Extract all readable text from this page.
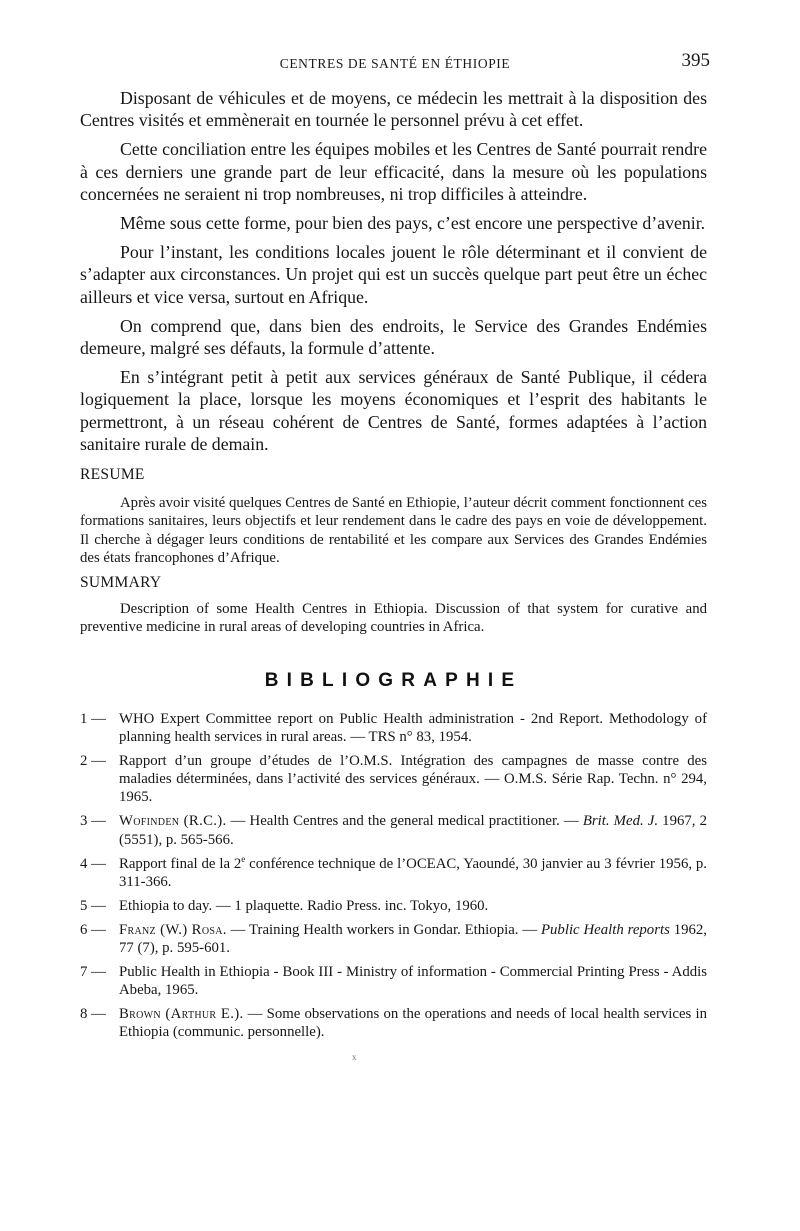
CENTRES DE SANTÉ EN ÉTHIOPIE	395

Disposant de véhicules et de moyens, ce médecin les mettrait à la disposition des Centres visités et emmènerait en tournée le personnel prévu à cet effet.

Cette conciliation entre les équipes mobiles et les Centres de Santé pourrait rendre à ces derniers une grande part de leur efficacité, dans la mesure où les populations concernées ne seraient ni trop nombreuses, ni trop difficiles à atteindre.

Même sous cette forme, pour bien des pays, c’est encore une perspective d’avenir.

Pour l’instant, les conditions locales jouent le rôle déterminant et il convient de s’adapter aux circonstances. Un projet qui est un succès quelque part peut être un échec ailleurs et vice versa, surtout en Afrique.

On comprend que, dans bien des endroits, le Service des Grandes Endémies demeure, malgré ses défauts, la formule d’attente.

En s’intégrant petit à petit aux services généraux de Santé Publique, il cédera logiquement la place, lorsque les moyens économiques et l’esprit des habitants le permettront, à un réseau cohérent de Centres de Santé, formes adaptées à l’action sanitaire rurale de demain.

RESUME

Après avoir visité quelques Centres de Santé en Ethiopie, l’auteur décrit comment fonctionnent ces formations sanitaires, leurs objectifs et leur rendement dans le cadre des pays en voie de développement. Il cherche à dégager leurs conditions de rentabilité et les compare aux Services des Grandes Endémies des états francophones d’Afrique.

SUMMARY

Description of some Health Centres in Ethiopia. Discussion of that system for curative and preventive medicine in rural areas of developing countries in Africa.

BIBLIOGRAPHIE
1 — WHO Expert Committee report on Public Health administration - 2nd Report. Methodology of planning health services in rural areas. — TRS n° 83, 1954.
2 — Rapport d’un groupe d’études de l’O.M.S. Intégration des campagnes de masse contre des maladies déterminées, dans l’activité des services généraux. — O.M.S. Série Rap. Techn. n° 294, 1965.
3 — Wofinden (R.C.). — Health Centres and the general medical practitioner. — Brit. Med. J. 1967, 2 (5551), p. 565-566.
4 — Rapport final de la 2e conférence technique de l’OCEAC, Yaoundé, 30 janvier au 3 février 1956, p. 311-366.
5 — Ethiopia to day. — 1 plaquette. Radio Press. inc. Tokyo, 1960.
6 — Franz (W.) Rosa. — Training Health workers in Gondar. Ethiopia. — Public Health reports 1962, 77 (7), p. 595-601.
7 — Public Health in Ethiopia - Book III - Ministry of information - Commercial Printing Press - Addis Abeba, 1965.
8 — Brown (Arthur E.). — Some observations on the operations and needs of local health services in Ethiopia (communic. personnelle).
x
